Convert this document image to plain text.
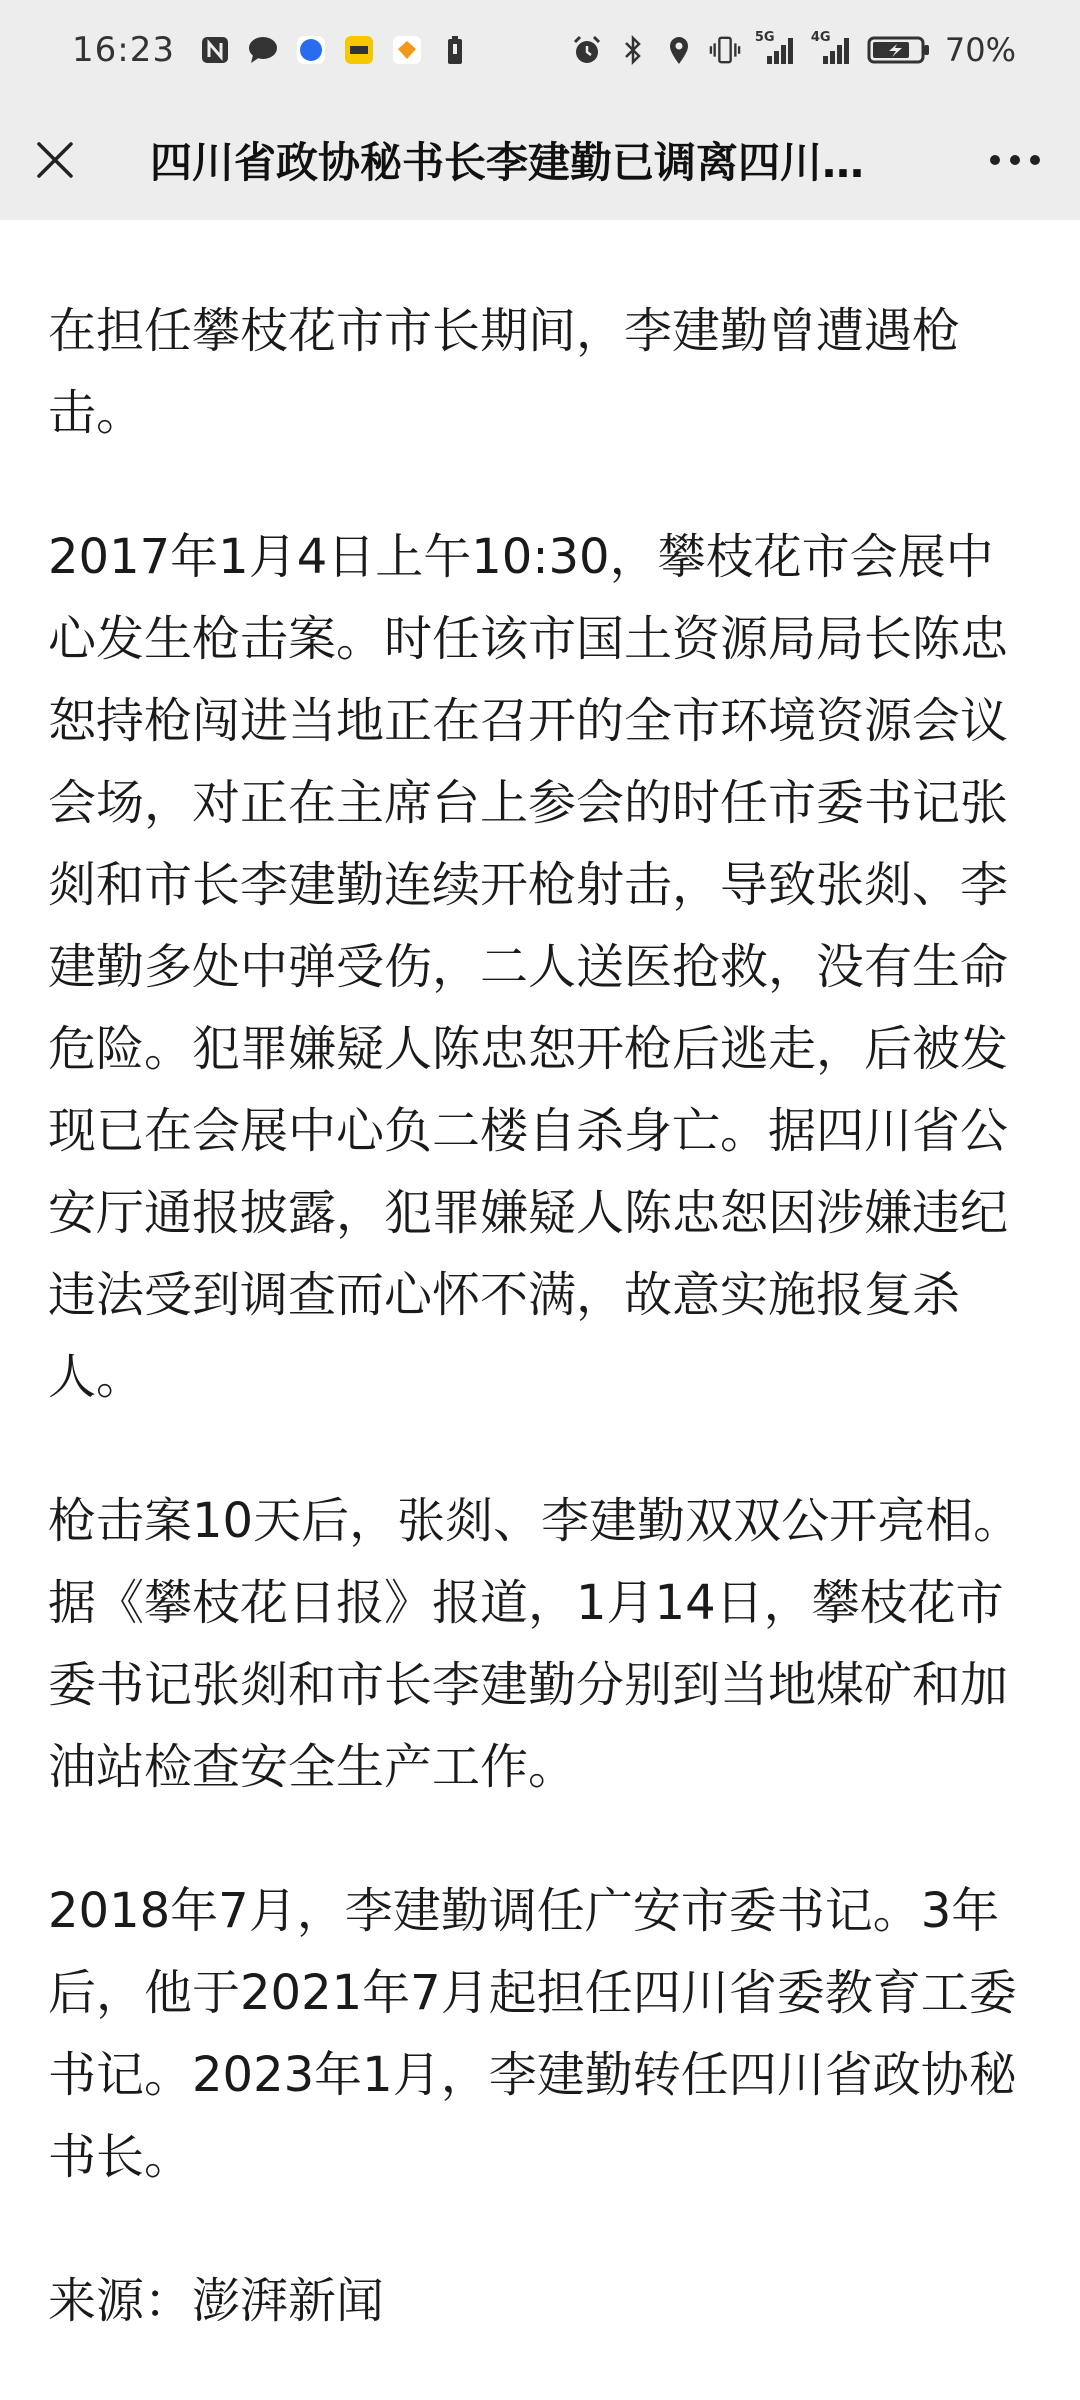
16:23	5G	4G	70%
四川省政协秘书长李建勤已调离四川…

在担任攀枝花市市长期间，李建勤曾遭遇枪击。

2017年1月4日上午10:30，攀枝花市会展中心发生枪击案。时任该市国土资源局局长陈忠恕持枪闯进当地正在召开的全市环境资源会议会场，对正在主席台上参会的时任市委书记张剡和市长李建勤连续开枪射击，导致张剡、李建勤多处中弹受伤，二人送医抢救，没有生命危险。犯罪嫌疑人陈忠恕开枪后逃走，后被发现已在会展中心负二楼自杀身亡。据四川省公安厅通报披露，犯罪嫌疑人陈忠恕因涉嫌违纪违法受到调查而心怀不满，故意实施报复杀人。

枪击案10天后，张剡、李建勤双双公开亮相。据《攀枝花日报》报道，1月14日，攀枝花市委书记张剡和市长李建勤分别到当地煤矿和加油站检查安全生产工作。

2018年7月，李建勤调任广安市委书记。3年后，他于2021年7月起担任四川省委教育工委书记。2023年1月，李建勤转任四川省政协秘书长。

来源：澎湃新闻
